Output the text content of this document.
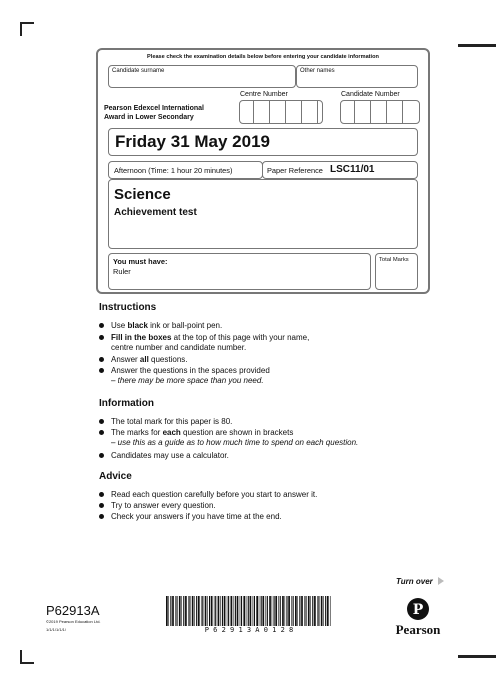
Please check the examination details below before entering your candidate information
Candidate surname	Other names
Pearson Edexcel International
Award in Lower Secondary
Centre Number	Candidate Number
Friday 31 May 2019
Afternoon (Time: 1 hour 20 minutes)	Paper Reference LSC11/01
Science
Achievement test
You must have:
Ruler
Total Marks
Instructions
Use black ink or ball-point pen.
Fill in the boxes at the top of this page with your name,
centre number and candidate number.
Answer all questions.
Answer the questions in the spaces provided
– there may be more space than you need.
Information
The total mark for this paper is 80.
The marks for each question are shown in brackets
– use this as a guide as to how much time to spend on each question.
Candidates may use a calculator.
Advice
Read each question carefully before you start to answer it.
Try to answer every question.
Check your answers if you have time at the end.
Turn over
P62913A
©2019 Pearson Education Ltd.
1/1/1/1/1/1/	P 6 2 9 1 3 A 0 1 2 8
P
Pearson
